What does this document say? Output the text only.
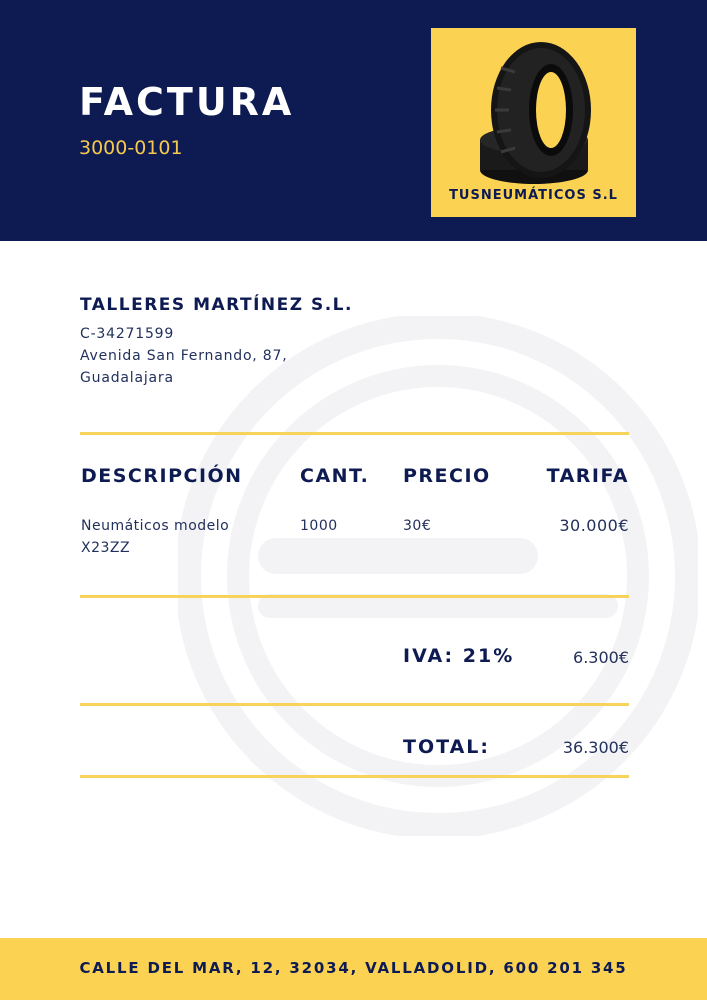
FACTURA
3000-0101
TUSNEUMÁTICOS S.L
TALLERES MARTÍNEZ S.L.
C-34271599
Avenida San Fernando, 87,
Guadalajara
DESCRIPCIÓN	CANT. PRECIO	TARIFA
Neumáticos modelo
X23ZZ
1000	30€	30.000€
IVA: 21%	6.300€
TOTAL:	36.300€
CALLE DEL MAR, 12, 32034, VALLADOLID, 600 201 345
